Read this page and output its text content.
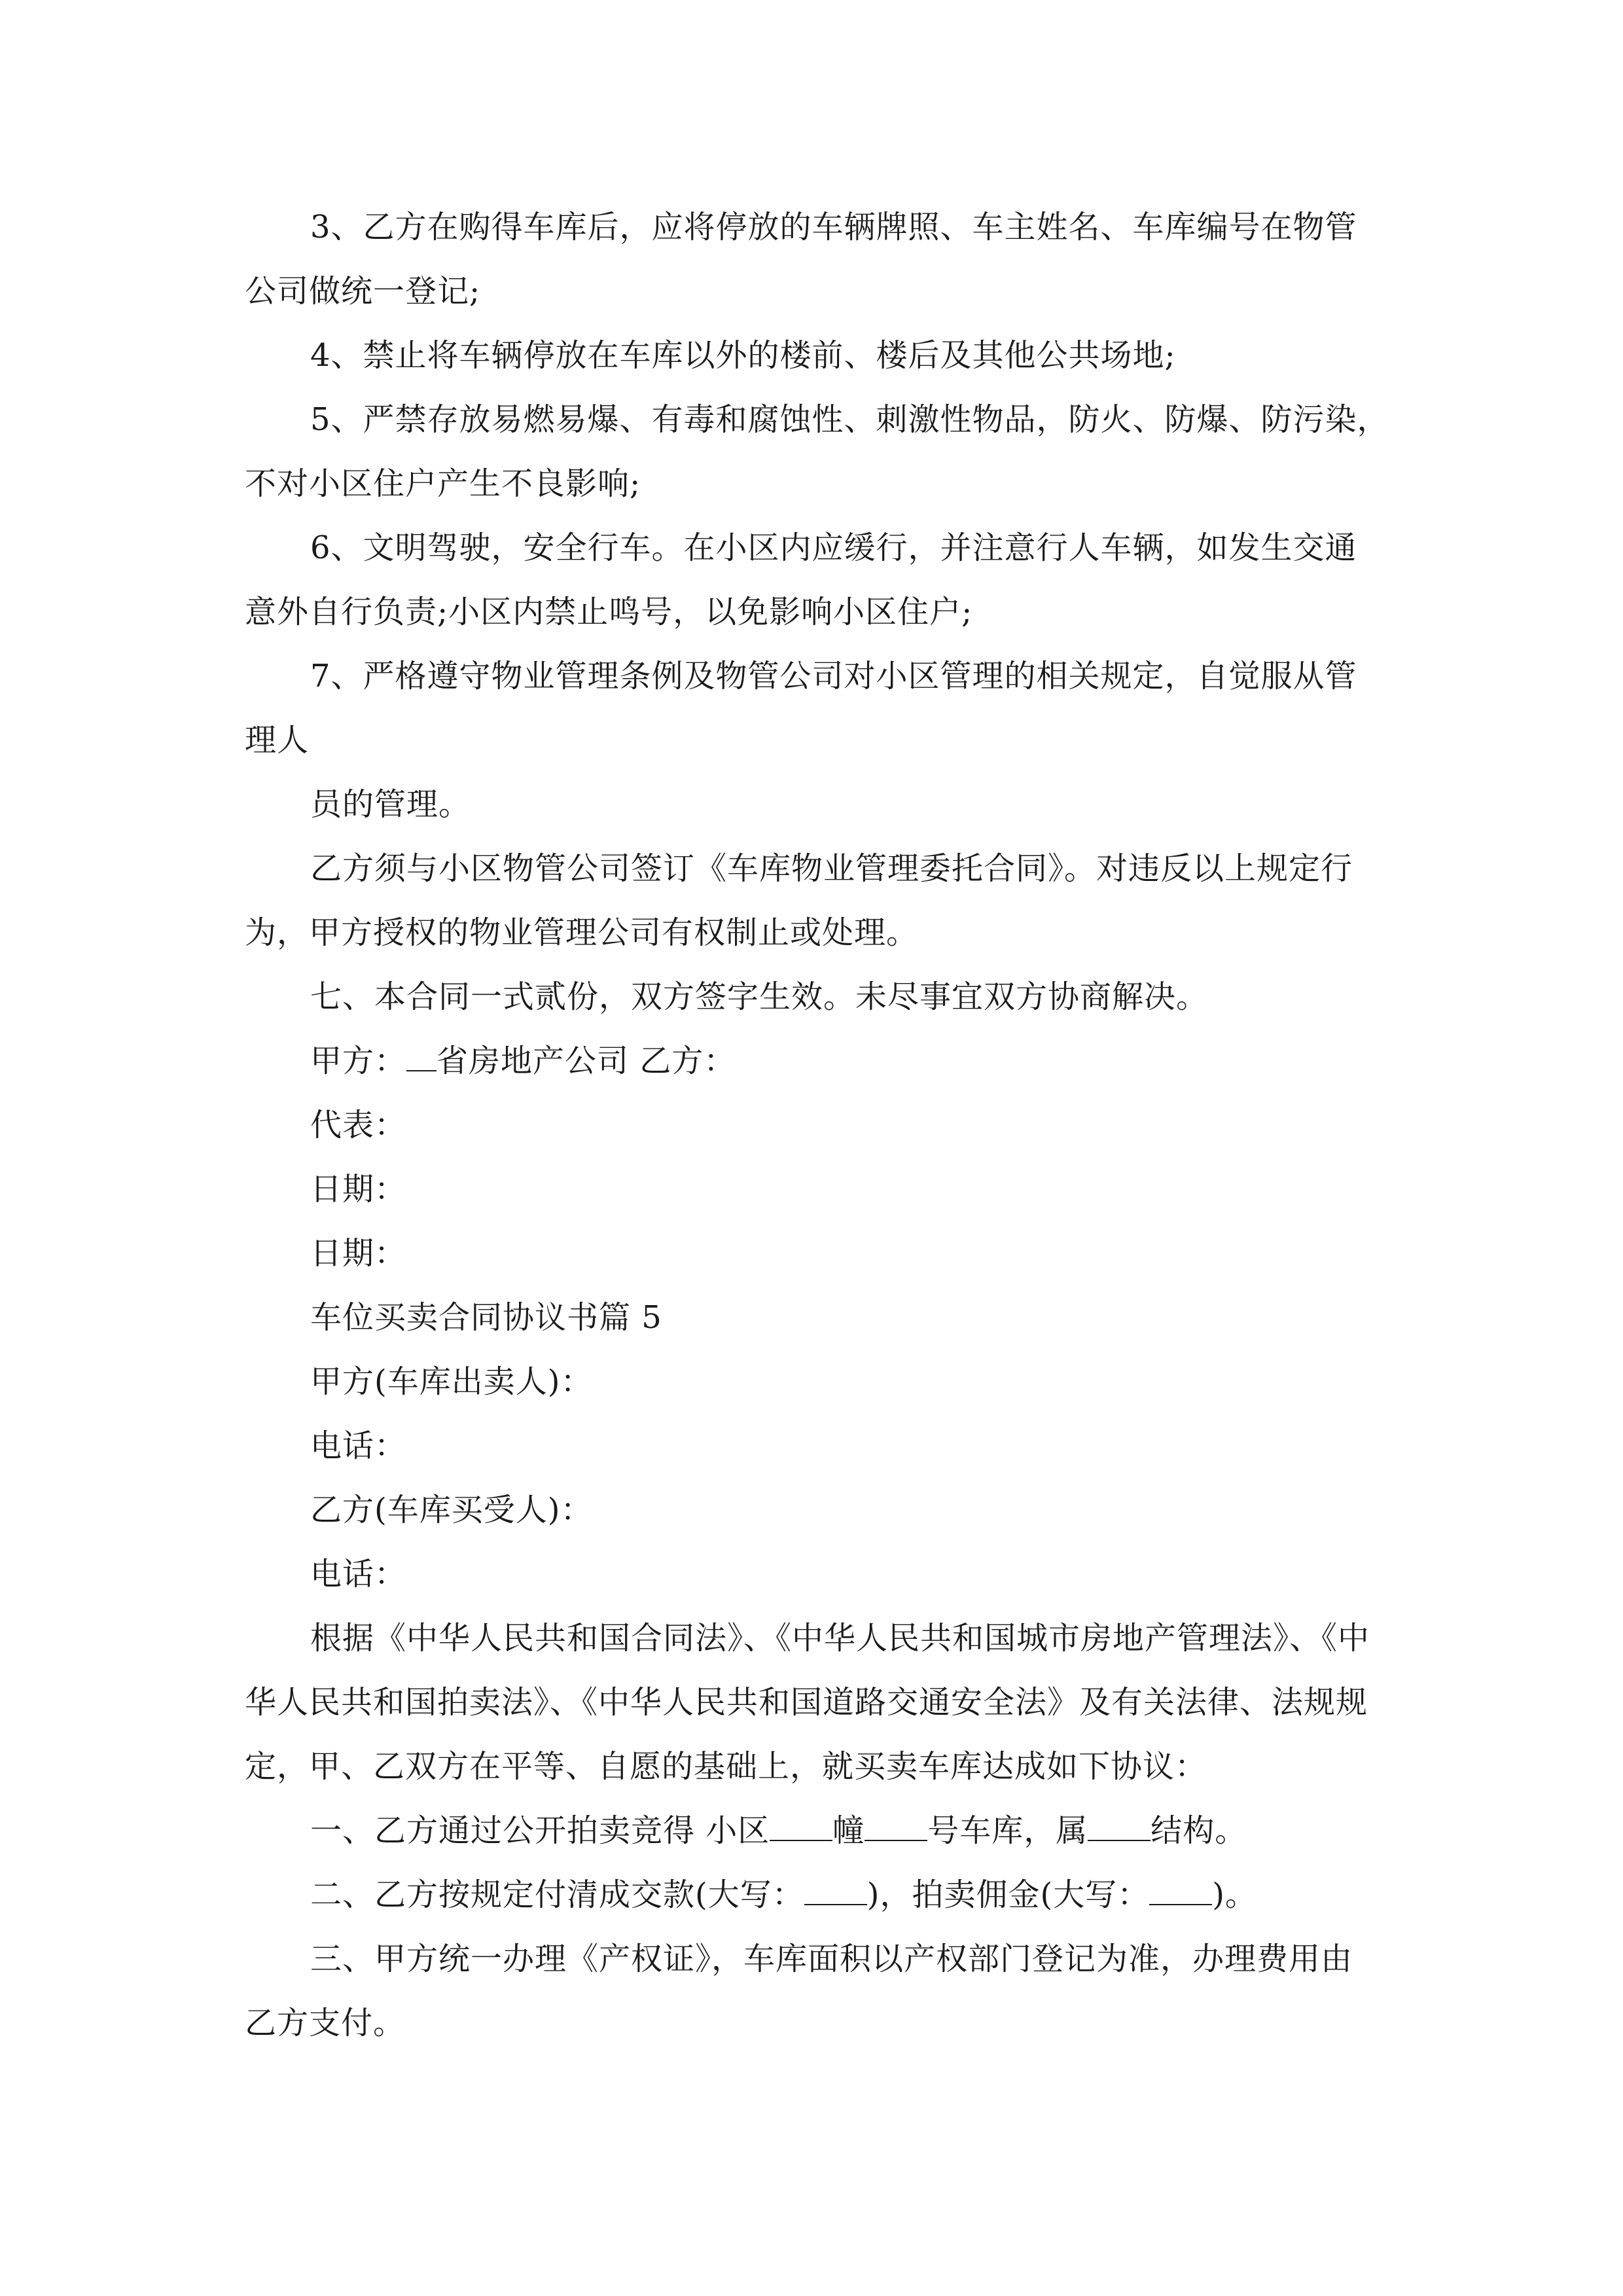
3、乙方在购得车库后，应将停放的车辆牌照、车主姓名、车库编号在物管

公司做统一登记;

4、禁止将车辆停放在车库以外的楼前、楼后及其他公共场地;

5、严禁存放易燃易爆、有毒和腐蚀性、刺激性物品，防火、防爆、防污染，

不对小区住户产生不良影响;

6、文明驾驶，安全行车。在小区内应缓行，并注意行人车辆，如发生交通

意外自行负责;小区内禁止鸣号，以免影响小区住户;

7、严格遵守物业管理条例及物管公司对小区管理的相关规定，自觉服从管

理人

员的管理。

乙方须与小区物管公司签订《车库物业管理委托合同》。对违反以上规定行

为，甲方授权的物业管理公司有权制止或处理。

七、本合同一式贰份，双方签字生效。未尽事宜双方协商解决。

甲方： 省房地产公司 乙方：

代表：

日期：

日期：

车位买卖合同协议书篇 5

甲方(车库出卖人)：

电话：

乙方(车库买受人)：

电话：

根据《中华人民共和国合同法》、《中华人民共和国城市房地产管理法》、《中

华人民共和国拍卖法》、《中华人民共和国道路交通安全法》及有关法律、法规规

定，甲、乙双方在平等、自愿的基础上，就买卖车库达成如下协议：

一、乙方通过公开拍卖竞得 小区 幢 号车库，属 结构。

二、乙方按规定付清成交款(大写： )，拍卖佣金(大写： )。

三、甲方统一办理《产权证》，车库面积以产权部门登记为准，办理费用由

乙方支付。
